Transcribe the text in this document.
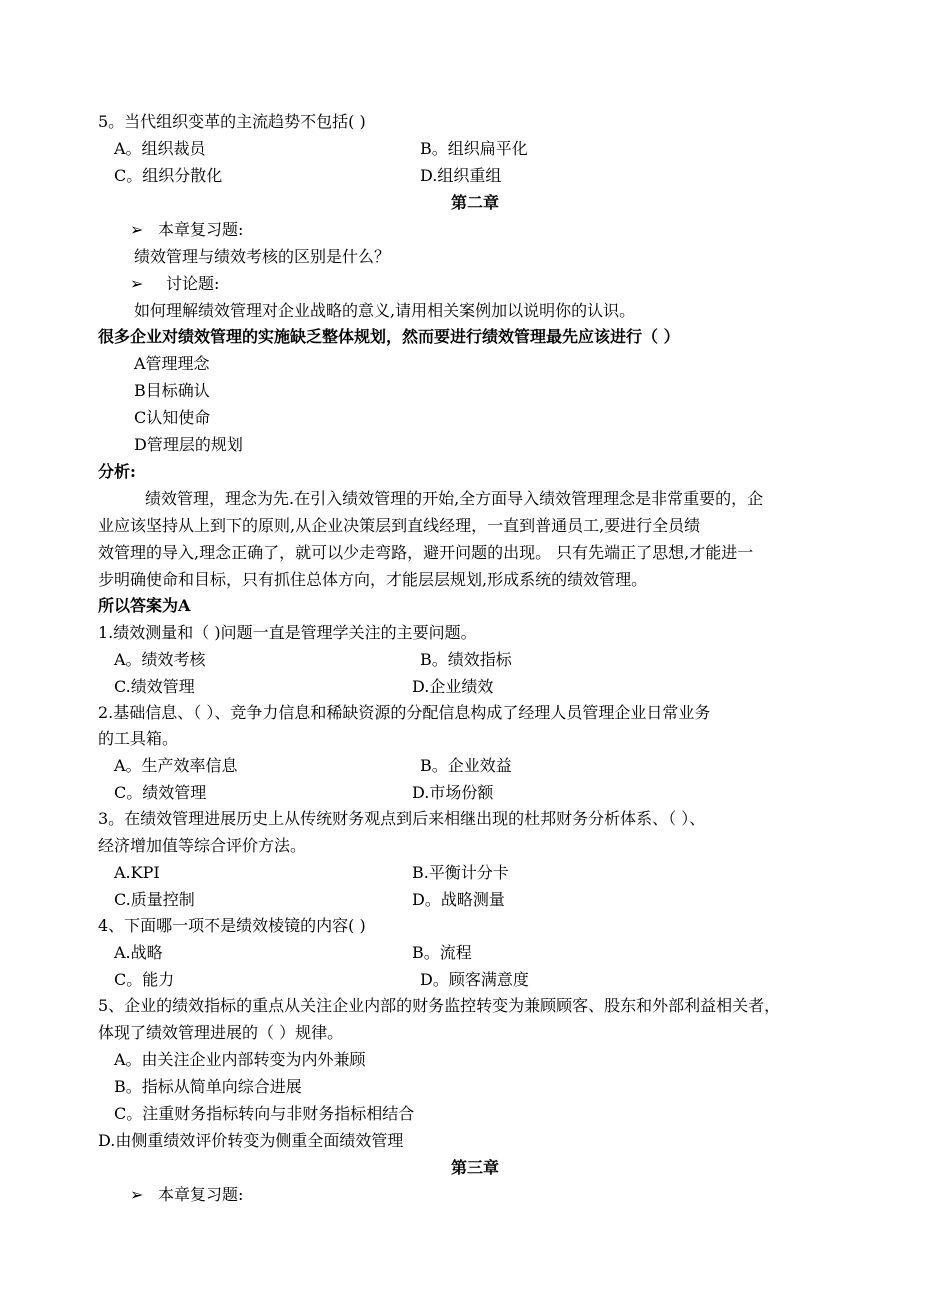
5。当代组织变革的主流趋势不包括( )
A。组织裁员	B。组织扁平化
C。组织分散化	D.组织重组
第二章
➢ 本章复习题:
绩效管理与绩效考核的区别是什么？
➢ 讨论题:
如何理解绩效管理对企业战略的意义,请用相关案例加以说明你的认识。
很多企业对绩效管理的实施缺乏整体规划，然而要进行绩效管理最先应该进行（ ）
A管理理念
B目标确认
C认知使命
D管理层的规划
分析:
绩效管理，理念为先.在引入绩效管理的开始,全方面导入绩效管理理念是非常重要的，企
业应该坚持从上到下的原则,从企业决策层到直线经理，一直到普通员工,要进行全员绩
效管理的导入,理念正确了，就可以少走弯路，避开问题的出现。 只有先端正了思想,才能进一
步明确使命和目标，只有抓住总体方向，才能层层规划,形成系统的绩效管理。
所以答案为A
1.绩效测量和（ )问题一直是管理学关注的主要问题。
A。绩效考核	B。绩效指标
C.绩效管理	D.企业绩效
2.基础信息、（ ）、竞争力信息和稀缺资源的分配信息构成了经理人员管理企业日常业务
的工具箱。
A。生产效率信息	B。企业效益
C。绩效管理	D.市场份额
3。在绩效管理进展历史上从传统财务观点到后来相继出现的杜邦财务分析体系、（ ）、
经济增加值等综合评价方法。
A.KPI	B.平衡计分卡
C.质量控制	D。战略测量
4、下面哪一项不是绩效棱镜的内容( )
A.战略	B。流程
C。能力	D。顾客满意度
5、企业的绩效指标的重点从关注企业内部的财务监控转变为兼顾顾客、股东和外部利益相关者，
体现了绩效管理进展的（ ）规律。
A。由关注企业内部转变为内外兼顾
B。指标从简单向综合进展
C。注重财务指标转向与非财务指标相结合
D.由侧重绩效评价转变为侧重全面绩效管理
第三章
➢ 本章复习题:
